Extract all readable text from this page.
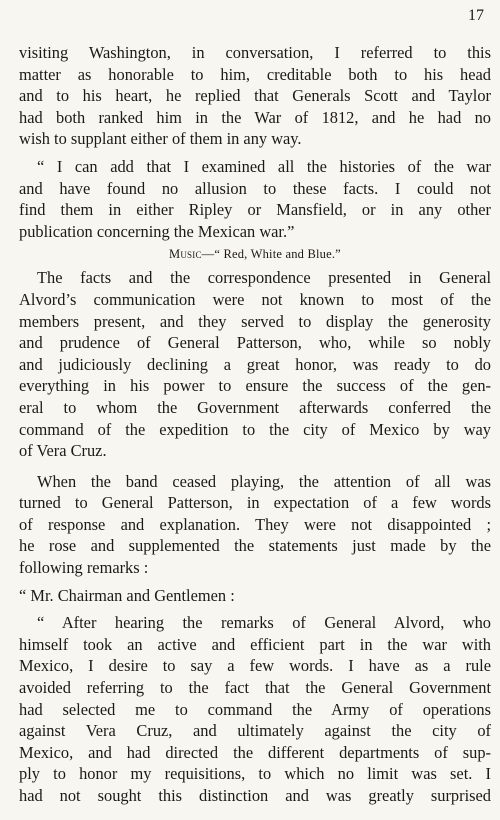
17
visiting Washington, in conversation, I referred to this
matter as honorable to him, creditable both to his head
and to his heart, he replied that Generals Scott and Taylor
had both ranked him in the War of 1812, and he had no
wish to supplant either of them in any way.
“ I can add that I examined all the histories of the war
and have found no allusion to these facts. I could not
find them in either Ripley or Mansfield, or in any other
publication concerning the Mexican war.”
Music—“ Red, White and Blue.”
The facts and the correspondence presented in General
Alvord’s communication were not known to most of the
members present, and they served to display the generosity
and prudence of General Patterson, who, while so nobly
and judiciously declining a great honor, was ready to do
everything in his power to ensure the success of the gen-
eral to whom the Government afterwards conferred the
command of the expedition to the city of Mexico by way
of Vera Cruz.
When the band ceased playing, the attention of all was
turned to General Patterson, in expectation of a few words
of response and explanation. They were not disappointed ;
he rose and supplemented the statements just made by the
following remarks :
“ Mr. Chairman and Gentlemen :
“ After hearing the remarks of General Alvord, who
himself took an active and efficient part in the war with
Mexico, I desire to say a few words. I have as a rule
avoided referring to the fact that the General Government
had selected me to command the Army of operations
against Vera Cruz, and ultimately against the city of
Mexico, and had directed the different departments of sup-
ply to honor my requisitions, to which no limit was set. I
had not sought this distinction and was greatly surprised
